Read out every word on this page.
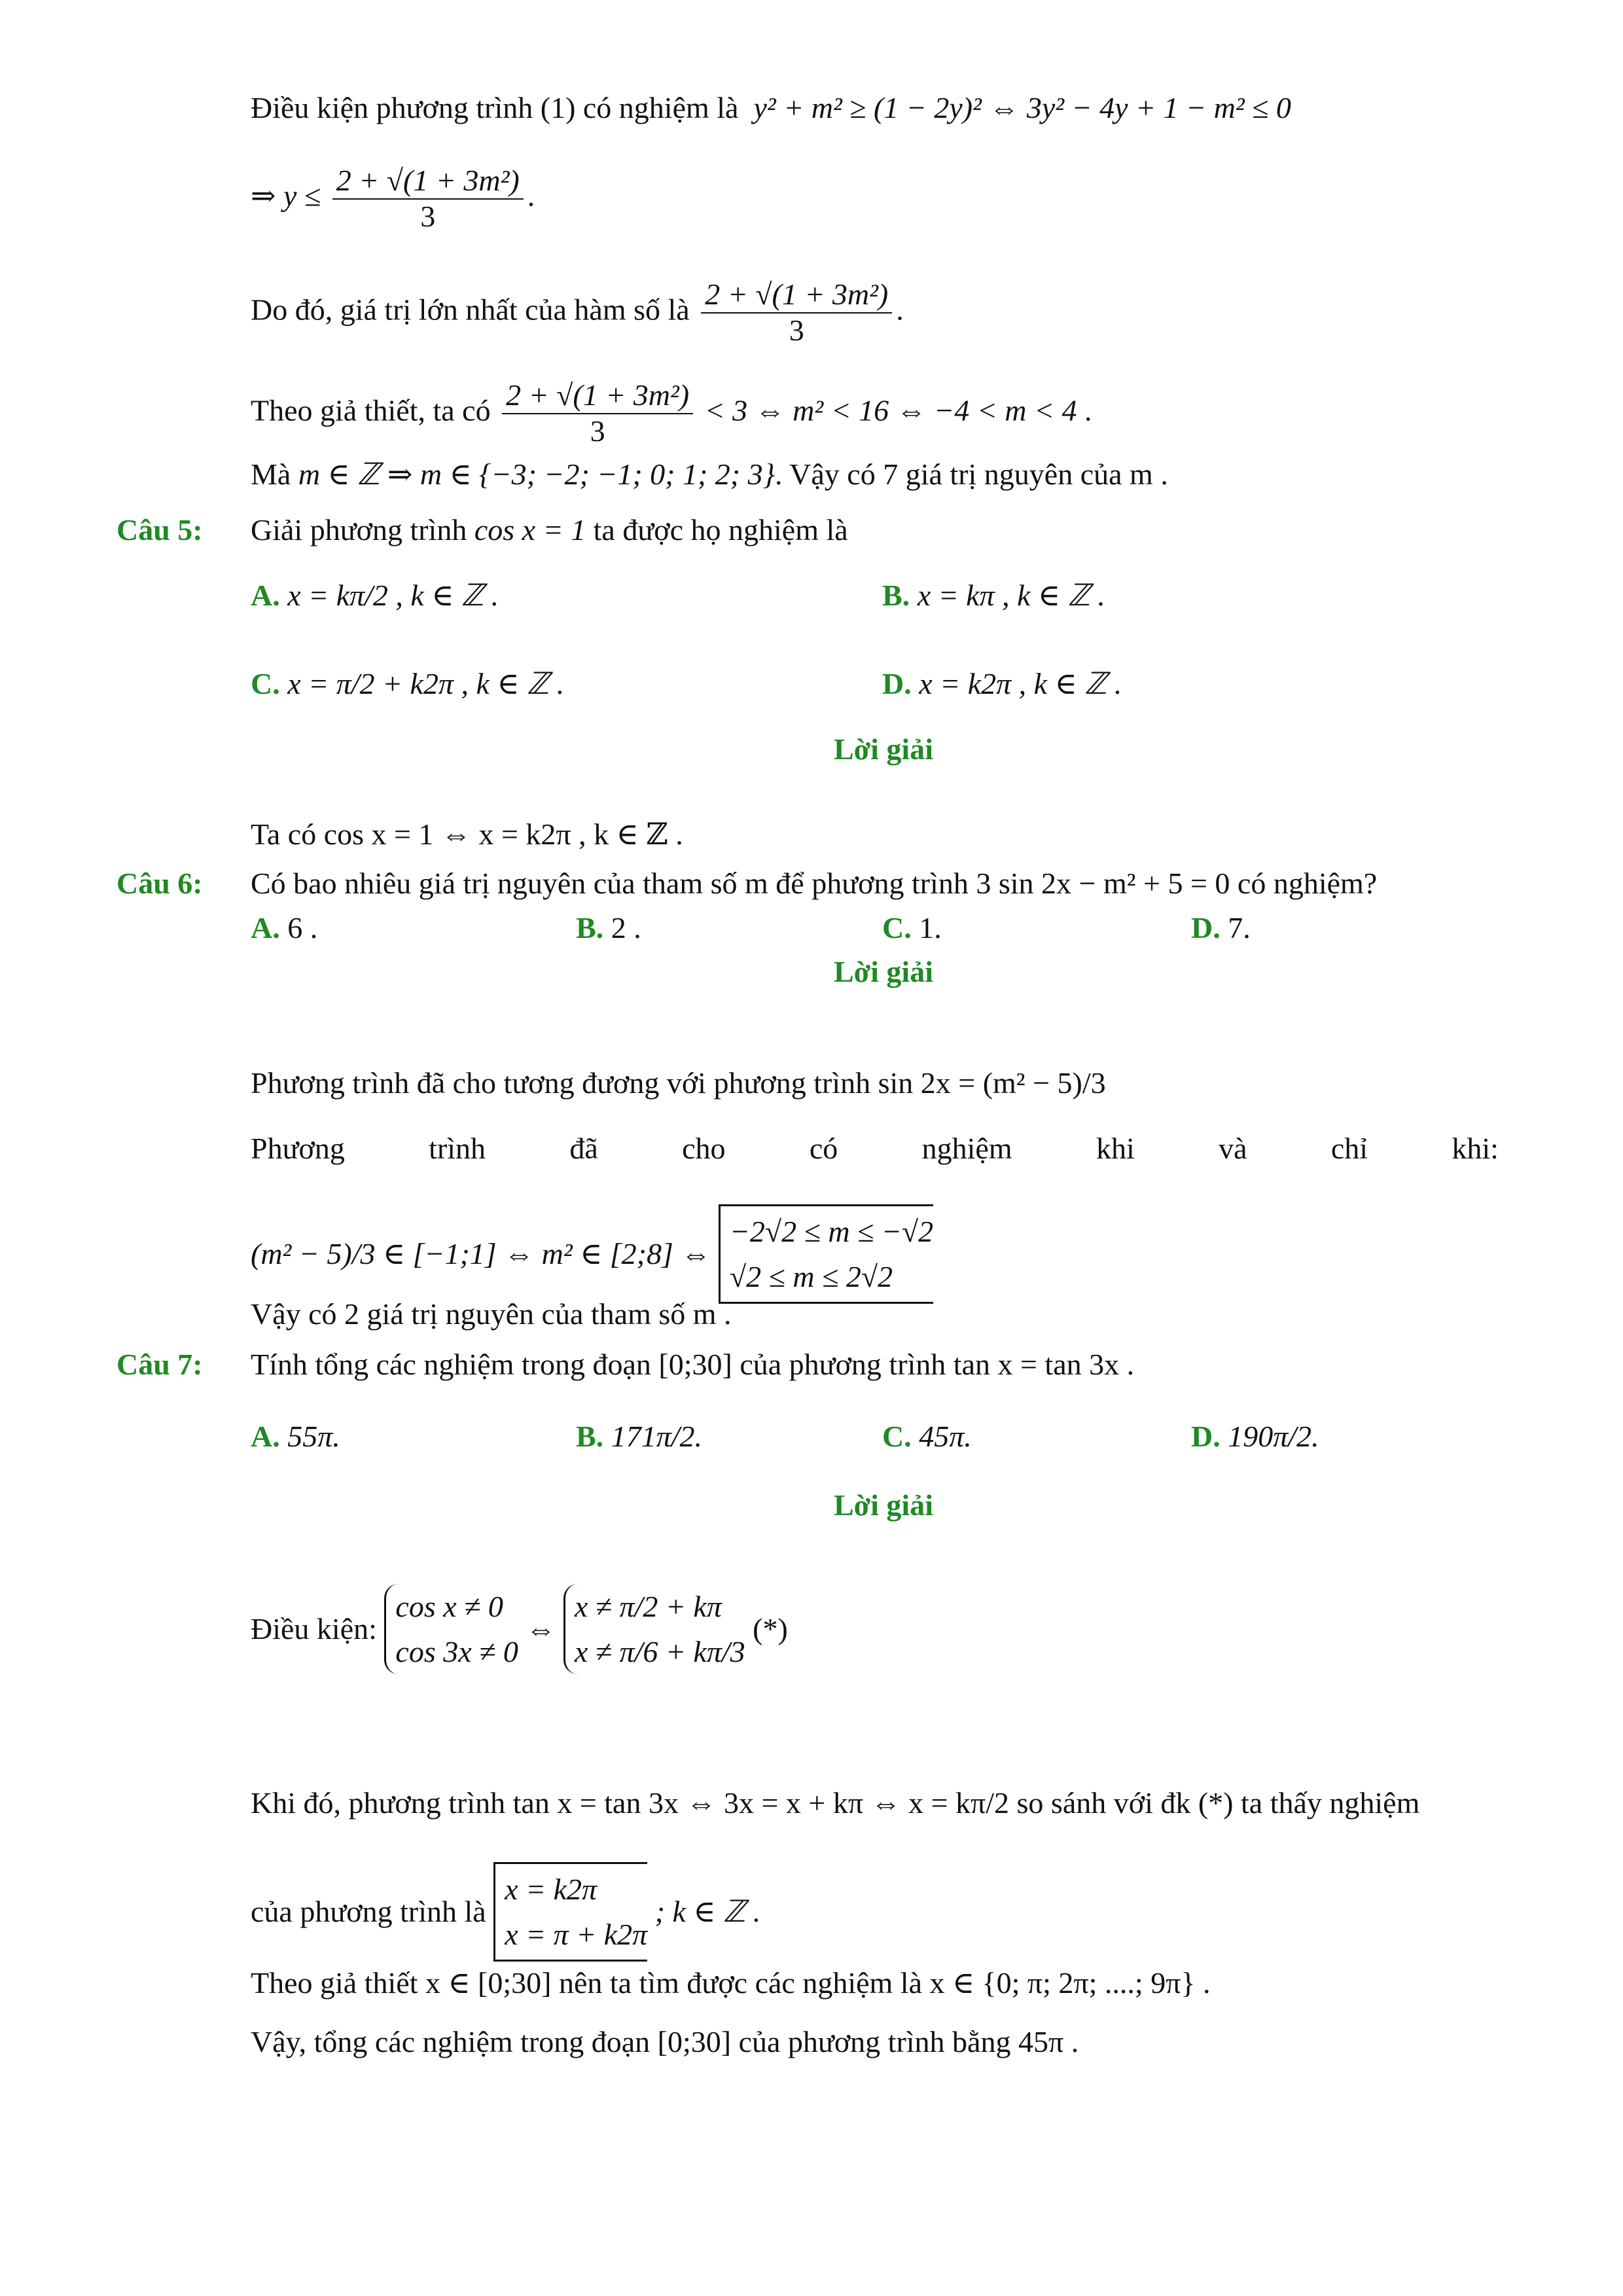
Điều kiện phương trình (1) có nghiệm là y² + m² ≥ (1 − 2y)² ⇔ 3y² − 4y + 1 − m² ≤ 0
⇒ $y \le \frac{\text{2 + √(1 + 3m²)}}{3}$ .
Do đó, giá trị lớn nhất của hàm số là $\frac{\text{2 + √(1 + 3m²)}}{3}$ .
Theo giả thiết, ta có $\frac{\text{2 + √(1 + 3m²)}}{3} < 3$ ⇔ m² < 16 ⇔ −4 < m < 4 .
Mà m ∈ ℤ ⇒ m ∈ {−3; −2; −1; 0; 1; 2; 3}. Vậy có 7 giá trị nguyên của m .
Câu 5: Giải phương trình cos x = 1 ta được họ nghiệm là
A. x = kπ/2 , k ∈ ℤ .	B. x = kπ , k ∈ ℤ .
C. x = π/2 + k2π , k ∈ ℤ .	D. x = k2π , k ∈ ℤ .
Lời giải
Ta có cos x = 1 ⇔ x = k2π , k ∈ ℤ .
Câu 6: Có bao nhiêu giá trị nguyên của tham số m để phương trình 3 sin 2x − m² + 5 = 0 có nghiệm?
A. 6 .	B. 2 .	C. 1.	D. 7.
Lời giải
Phương trình đã cho tương đương với phương trình sin 2x = (m² − 5)/3
Phương	trình	đã	cho	có	nghiệm	khi	và	chỉ	khi:
(m² − 5)/3 ∈ [−1;1] ⇔ m² ∈ [2;8] ⇔
−2√2 ≤ m ≤ −√2
√2 ≤ m ≤ 2√2
Vậy có 2 giá trị nguyên của tham số m .
Câu 7: Tính tổng các nghiệm trong đoạn [0;30] của phương trình tan x = tan 3x .
A. 55π.	B. 171π/2.	C. 45π.	D. 190π/2.
Lời giải
Điều kiện:
cos x ≠ 0
cos 3x ≠ 0
⇔
x ≠ π/2 + kπ
x ≠ π/6 + kπ/3
(*)
Khi đó, phương trình tan x = tan 3x ⇔ 3x = x + kπ ⇔ x = kπ/2 so sánh với đk (*) ta thấy nghiệm
của phương trình là
x = k2π
x = π + k2π
; k ∈ ℤ .
Theo giả thiết x ∈ [0;30] nên ta tìm được các nghiệm là x ∈ {0; π; 2π; ....; 9π} .
Vậy, tổng các nghiệm trong đoạn [0;30] của phương trình bằng 45π .
